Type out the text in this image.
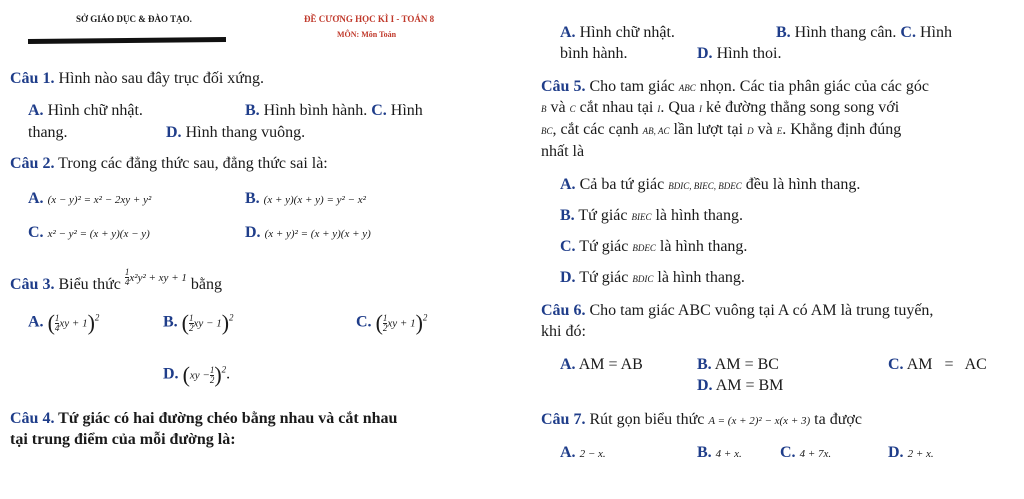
SỞ GIÁO DỤC & ĐÀO TẠO.	ĐỀ CƯƠNG HỌC KÌ I - TOÁN 8
MÔN: Môn Toán
Câu 1. Hình nào sau đây trục đối xứng.
A. Hình chữ nhật.	B. Hình bình hành. C. Hình
thang.	D. Hình thang vuông.
Câu 2. Trong các đẳng thức sau, đẳng thức sai là:
A. (x − y)² = x² − 2xy + y²	B. (x + y)(x + y) = y² − x²
C. x² − y² = (x + y)(x − y)	D. (x + y)² = (x + y)(x + y)
Câu 3. Biểu thức $\frac{1}{4} ^{x^2y^2 + xy + 1}$ bằng
A. ( $\frac{1}{4}$ xy + 1)$^2$	B. ( $\frac{1}{2}$ xy − 1)$^2$	C. ( $\frac{1}{2}$ xy + 1)$^2$
D. $(xy - \frac{1}{2} )^2$.
Câu 4. Tứ giác có hai đường chéo bằng nhau và cắt nhau
tại trung điểm của mỗi đường là:
A. Hình chữ nhật.	B. Hình thang cân. C. Hình
bình hành.	D. Hình thoi.
Câu 5. Cho tam giác ABC nhọn. Các tia phân giác của các góc
B và C cắt nhau tại I. Qua I kẻ đường thẳng song song với
BC, cắt các cạnh AB, AC lần lượt tại D và E. Khẳng định đúng
nhất là
A. Cả ba tứ giác BDIC, BIEC, BDEC đều là hình thang.
B. Tứ giác BIEC là hình thang.
C. Tứ giác BDEC là hình thang.
D. Tứ giác BDIC là hình thang.
Câu 6. Cho tam giác ABC vuông tại A có AM là trung tuyến,
khi đó:
A. AM = AB	B. AM = BC	C. AM   =   AC
D. AM = BM
Câu 7. Rút gọn biểu thức A = (x + 2)² − x(x + 3) ta được
A. 2 − x.	B. 4 + x. C. 4 + 7x.	D. 2 + x.
